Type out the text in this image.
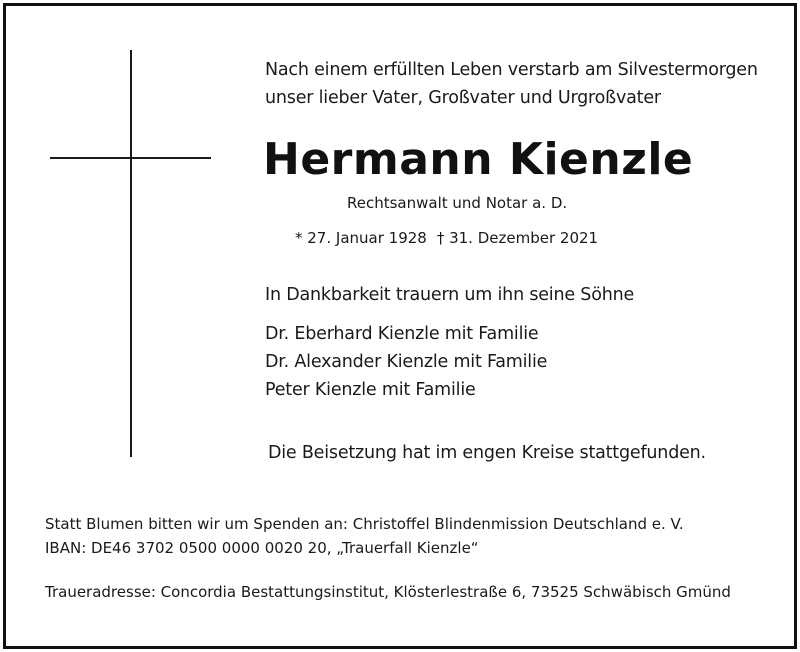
Nach einem erfüllten Leben verstarb am Silvestermorgen
unser lieber Vater, Großvater und Urgroßvater
Hermann Kienzle
Rechtsanwalt und Notar a. D.
* 27. Januar 1928 † 31. Dezember 2021
In Dankbarkeit trauern um ihn seine Söhne
Dr. Eberhard Kienzle mit Familie
Dr. Alexander Kienzle mit Familie
Peter Kienzle mit Familie
Die Beisetzung hat im engen Kreise stattgefunden.
Statt Blumen bitten wir um Spenden an: Christoffel Blindenmission Deutschland e. V.
IBAN: DE46 3702 0500 0000 0020 20, „Trauerfall Kienzle“
Traueradresse: Concordia Bestattungsinstitut, Klösterlestraße 6, 73525 Schwäbisch Gmünd
